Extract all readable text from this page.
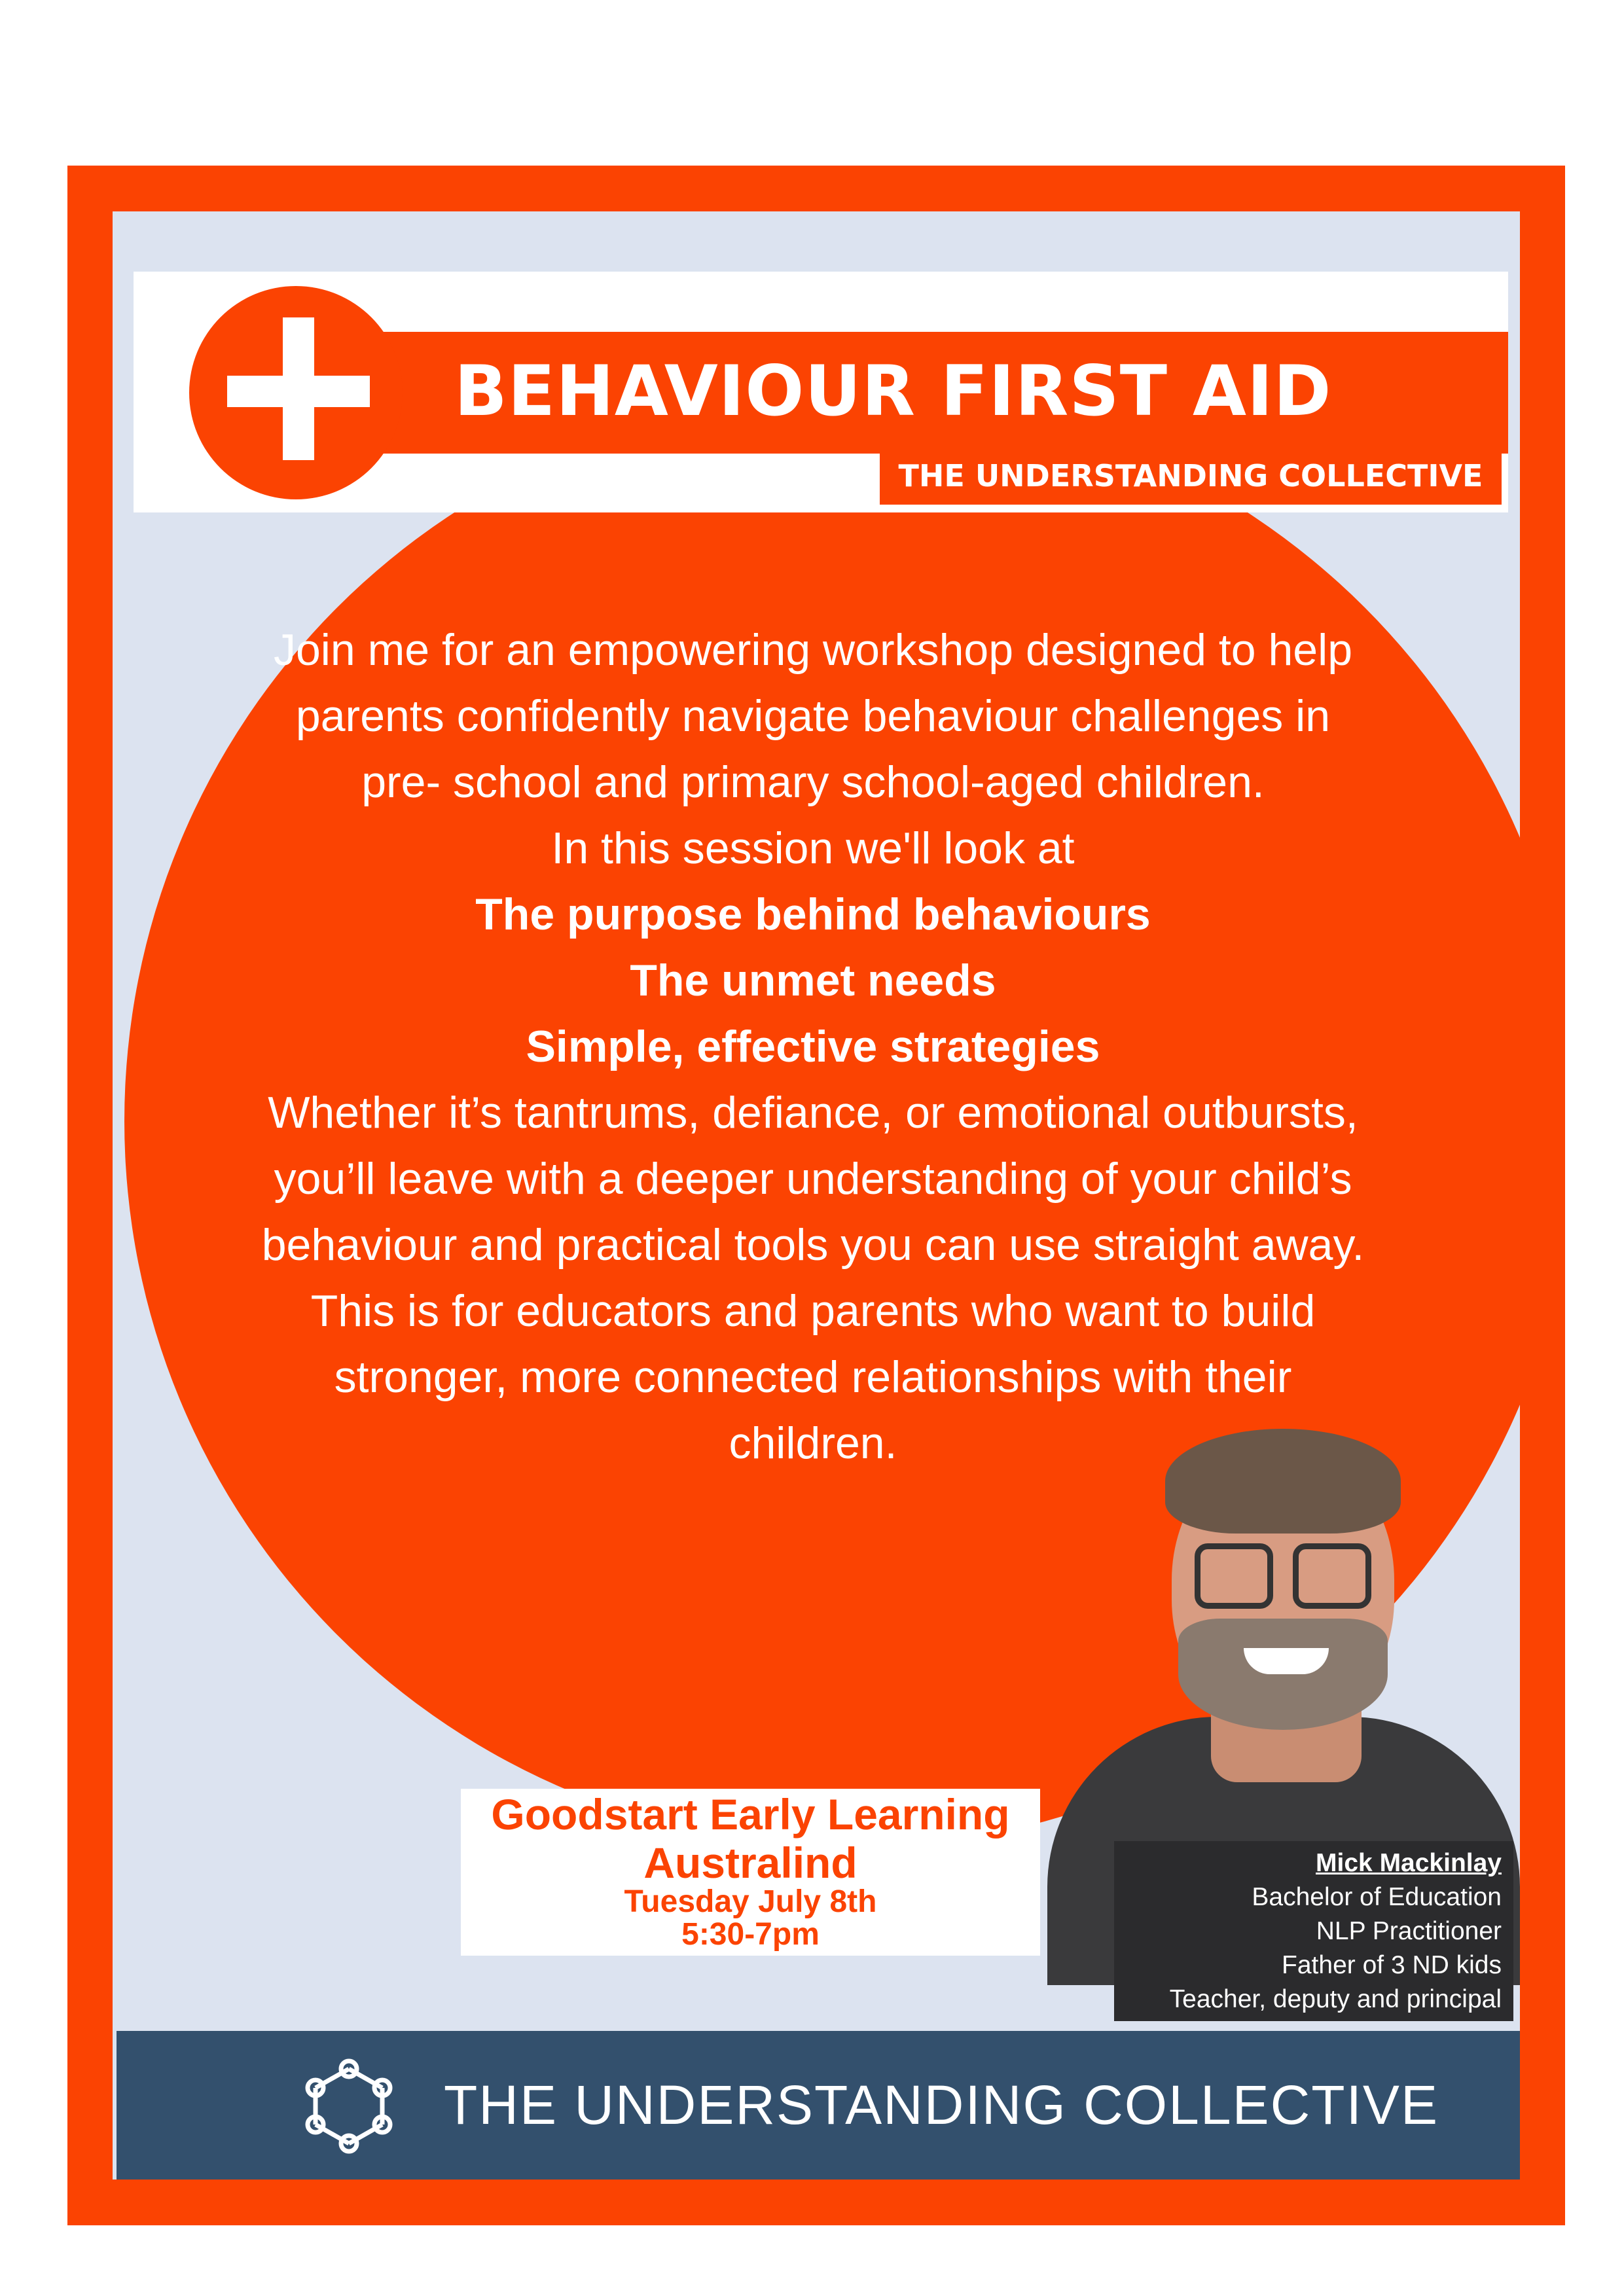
BEHAVIOUR FIRST AID
THE UNDERSTANDING COLLECTIVE
Join me for an empowering workshop designed to help
parents confidently navigate behaviour challenges in
pre- school and primary school-aged children.
In this session we'll look at
The purpose behind behaviours
The unmet needs
Simple, effective strategies
Whether it’s tantrums, defiance, or emotional outbursts,
you’ll leave with a deeper understanding of your child’s
behaviour and practical tools you can use straight away.
This is for educators and parents who want to build
stronger, more connected relationships with their
children.
Goodstart Early Learning
Australind
Tuesday July 8th
5:30-7pm
Mick Mackinlay
Bachelor of Education
NLP Practitioner
Father of 3 ND kids
Teacher, deputy and principal
THE UNDERSTANDING COLLECTIVE
